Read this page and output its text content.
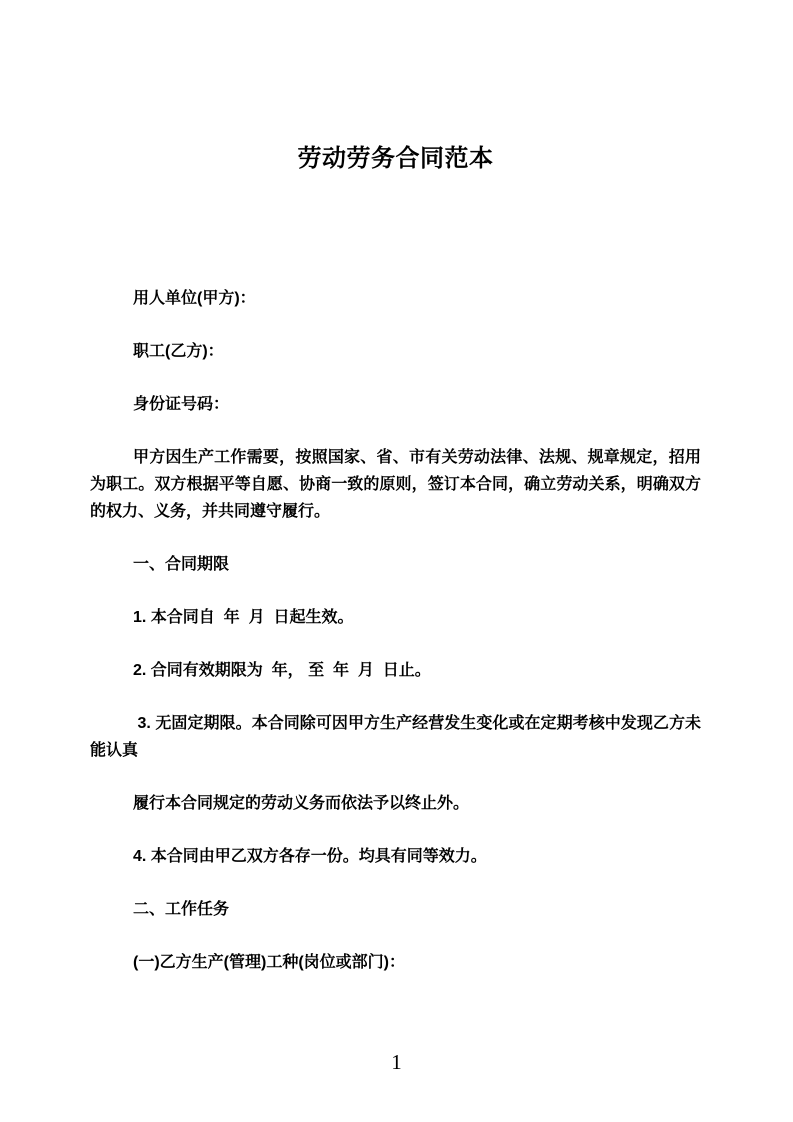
劳动劳务合同范本

用人单位(甲方)：

职工(乙方)：

身份证号码：

甲方因生产工作需要，按照国家、省、市有关劳动法律、法规、规章规定，招用  为职工。双方根据平等自愿、协商一致的原则，签订本合同，确立劳动关系，明确双方的权力、义务，并共同遵守履行。

一、合同期限

1. 本合同自  年  月  日起生效。

2. 合同有效期限为  年， 至  年  月  日止。

3. 无固定期限。本合同除可因甲方生产经营发生变化或在定期考核中发现乙方未能认真

履行本合同规定的劳动义务而依法予以终止外。

4. 本合同由甲乙双方各存一份。均具有同等效力。

二、工作任务

(一)乙方生产(管理)工种(岗位或部门)：

1
